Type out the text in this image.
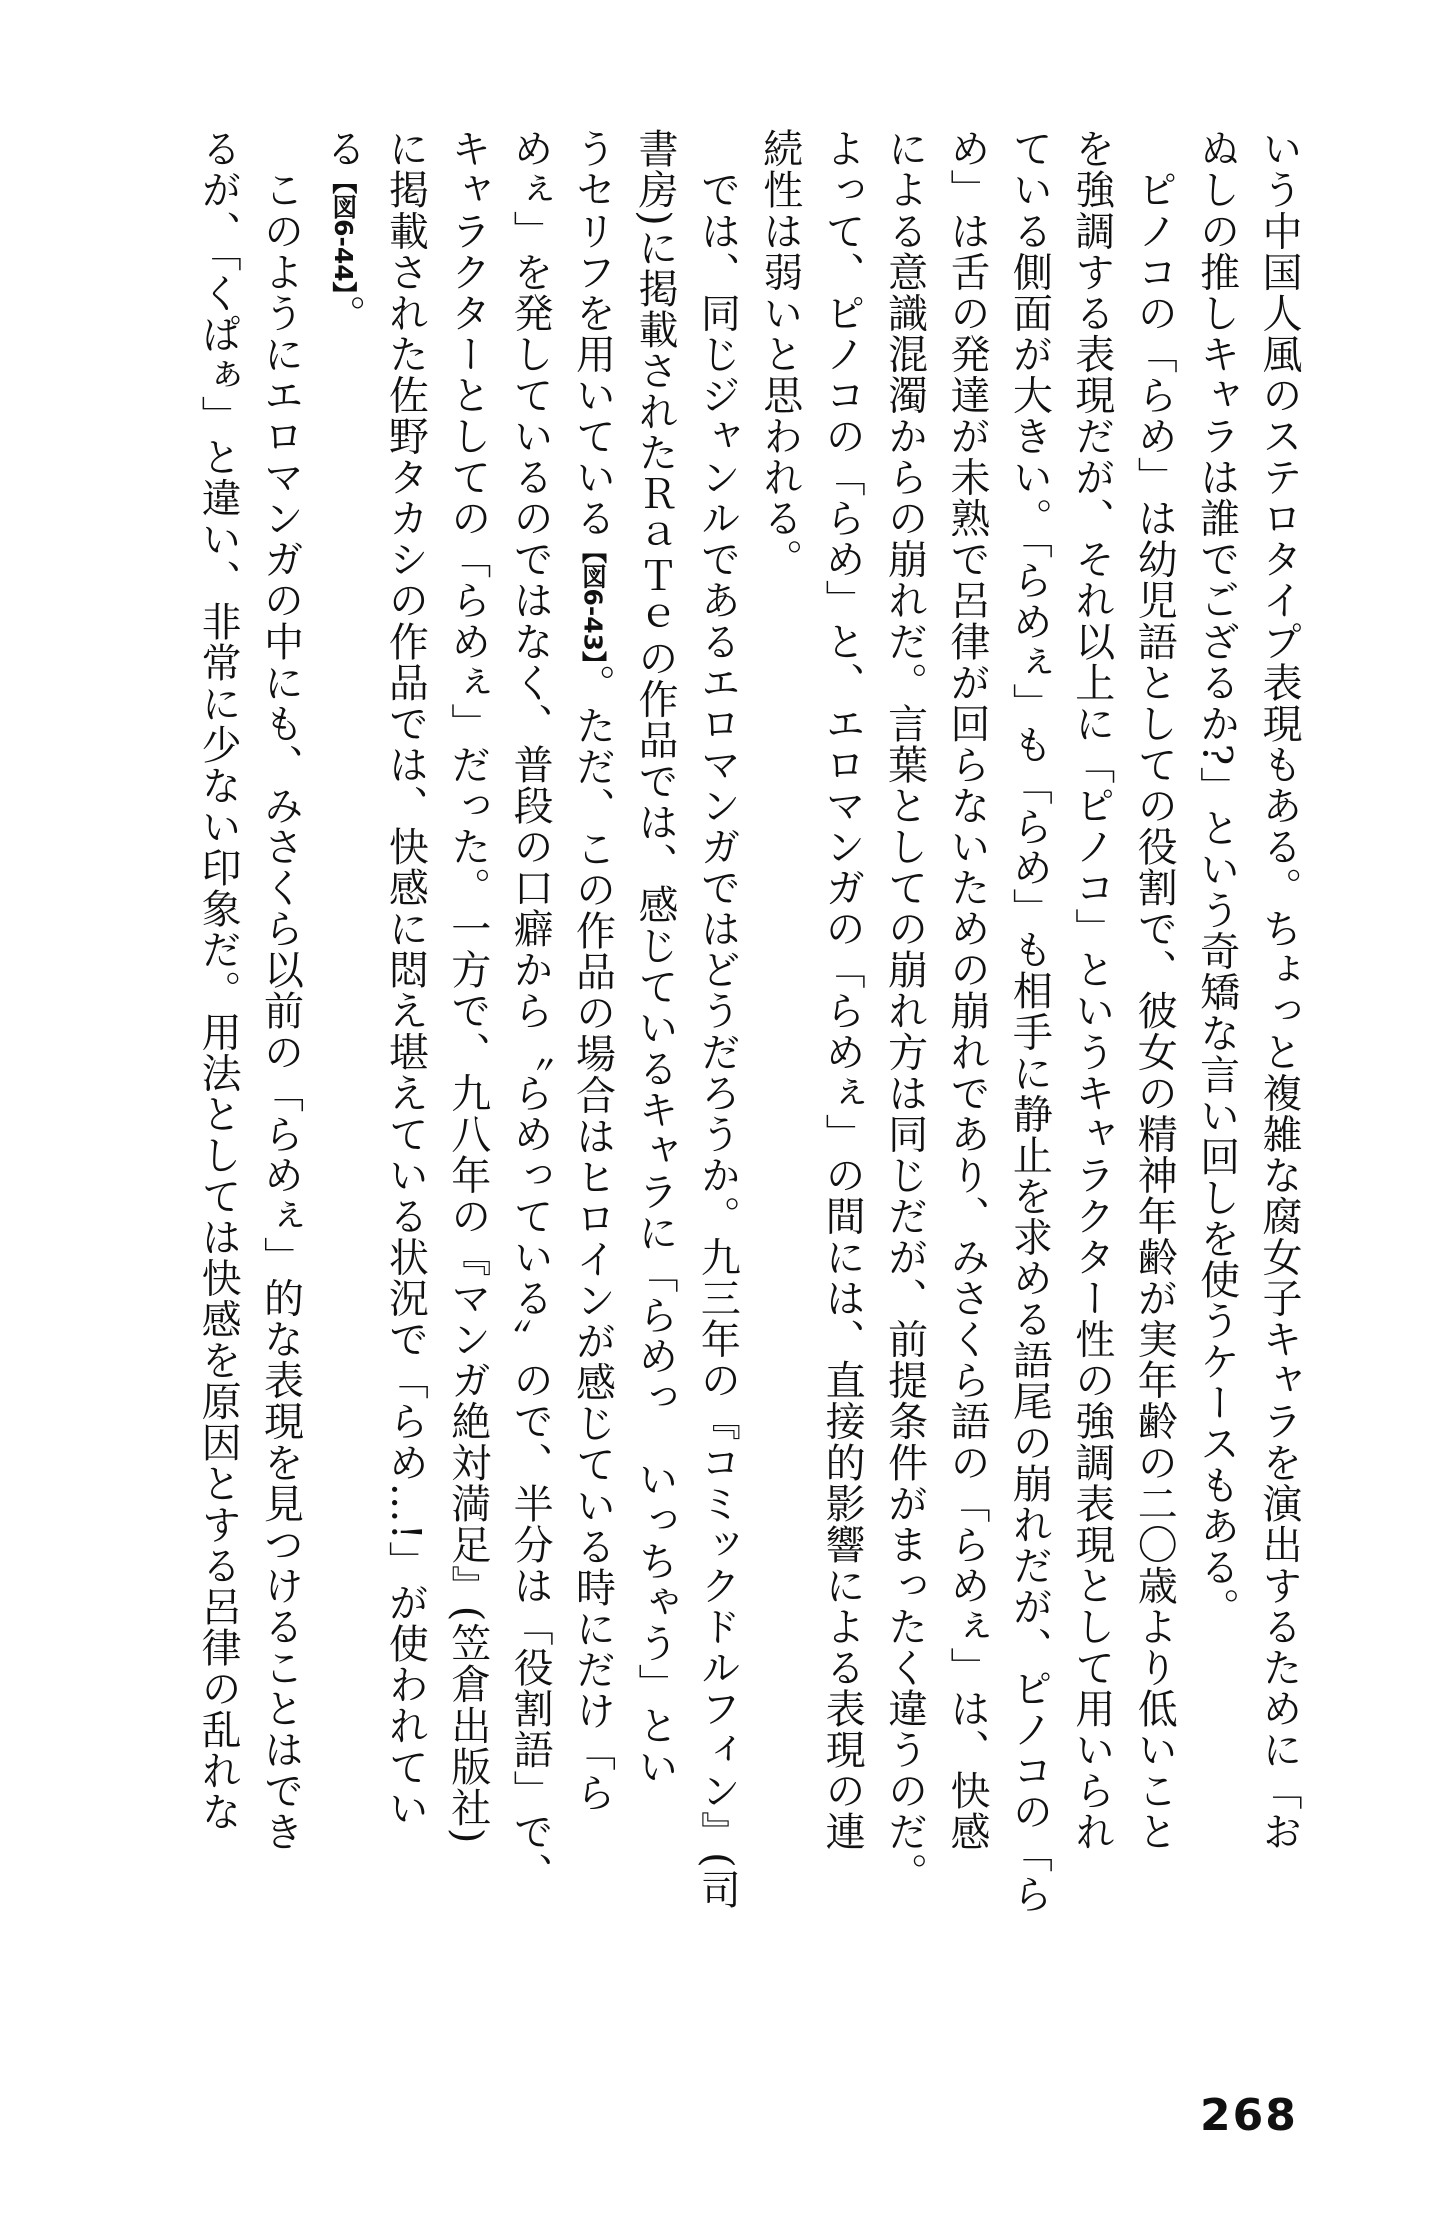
いう中国人風のステロタイプ表現もある。ちょっと複雑な腐女子キャラを演出するために「お
ぬしの推しキャラは誰でござるか?」という奇矯な言い回しを使うケースもある。
　ピノコの「らめ」は幼児語としての役割で、彼女の精神年齢が実年齢の二〇歳より低いこと
を強調する表現だが、それ以上に「ピノコ」というキャラクター性の強調表現として用いられ
ている側面が大きい。「らめぇ」も「らめ」も相手に静止を求める語尾の崩れだが、ピノコの「ら
め」は舌の発達が未熟で呂律が回らないための崩れであり、みさくら語の「らめぇ」は、快感
による意識混濁からの崩れだ。言葉としての崩れ方は同じだが、前提条件がまったく違うのだ。
よって、ピノコの「らめ」と、エロマンガの「らめぇ」の間には、直接的影響による表現の連
続性は弱いと思われる。
　では、同じジャンルであるエロマンガではどうだろうか。九三年の『コミックドルフィン』(司
書房)に掲載されたＲａＴｅの作品では、感じているキャラに「らめっ　いっちゃう」とい
うセリフを用いている【図6-43】。ただ、この作品の場合はヒロインが感じている時にだけ「ら
めぇ」を発しているのではなく、普段の口癖から〝らめっている〟ので、半分は「役割語」で、
キャラクターとしての「らめぇ」だった。一方で、九八年の『マンガ絶対満足』(笠倉出版社)
に掲載された佐野タカシの作品では、快感に悶え堪えている状況で「らめ…!」が使われてい
る【図6-44】。
　このようにエロマンガの中にも、みさくら以前の「らめぇ」的な表現を見つけることはでき
るが、「くぱぁ」と違い、非常に少ない印象だ。用法としては快感を原因とする呂律の乱れな
268
